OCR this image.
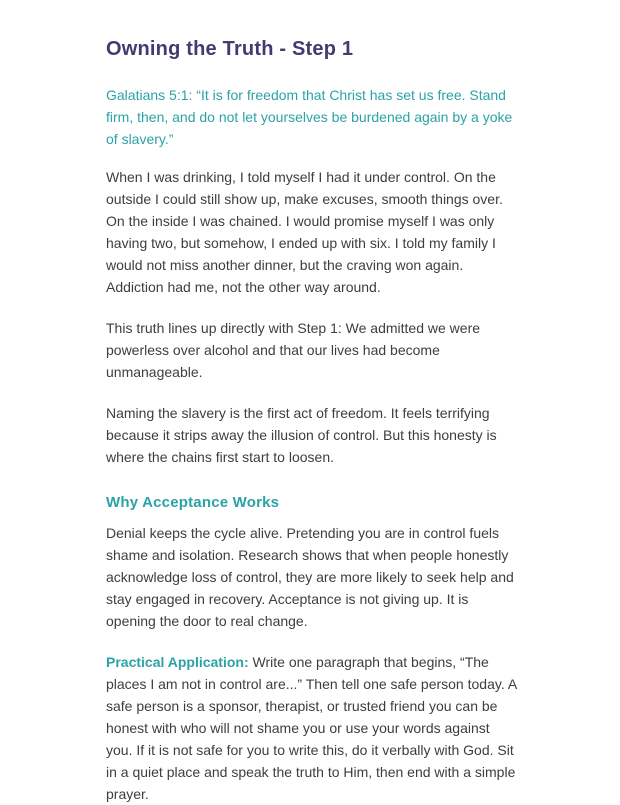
Owning the Truth - Step 1

Galatians 5:1: “It is for freedom that Christ has set us free. Stand firm, then, and do not let yourselves be burdened again by a yoke of slavery.”

When I was drinking, I told myself I had it under control. On the outside I could still show up, make excuses, smooth things over. On the inside I was chained. I would promise myself I was only having two, but somehow, I ended up with six. I told my family I would not miss another dinner, but the craving won again. Addiction had me, not the other way around.

This truth lines up directly with Step 1: We admitted we were powerless over alcohol and that our lives had become unmanageable.

Naming the slavery is the first act of freedom. It feels terrifying because it strips away the illusion of control. But this honesty is where the chains first start to loosen.

Why Acceptance Works

Denial keeps the cycle alive. Pretending you are in control fuels shame and isolation. Research shows that when people honestly acknowledge loss of control, they are more likely to seek help and stay engaged in recovery. Acceptance is not giving up. It is opening the door to real change.

Practical Application: Write one paragraph that begins, “The places I am not in control are...” Then tell one safe person today. A safe person is a sponsor, therapist, or trusted friend you can be honest with who will not shame you or use your words against you. If it is not safe for you to write this, do it verbally with God. Sit in a quiet place and speak the truth to Him, then end with a simple prayer.
